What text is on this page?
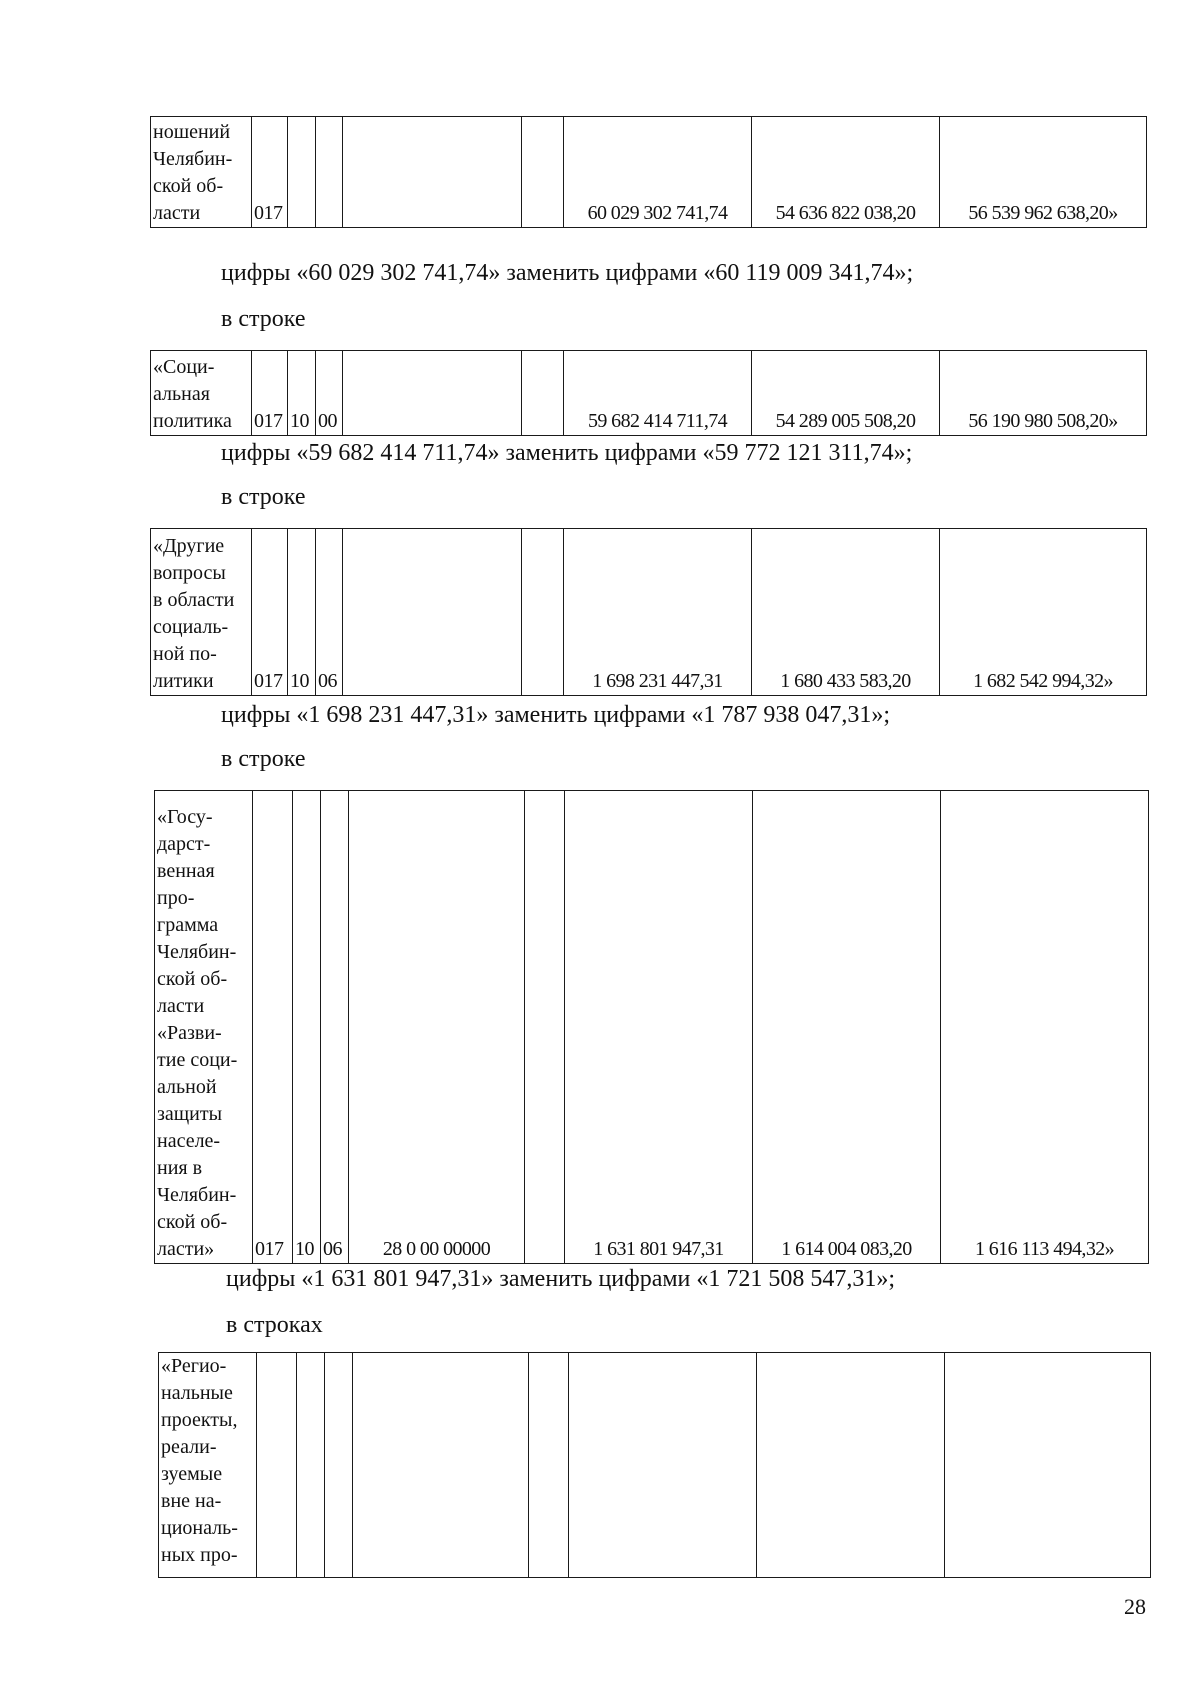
ношений
Челябин-
ской об-
ласти	017					60 029 302 741,74	54 636 822 038,20	56 539 962 638,20»
цифры «60 029 302 741,74» заменить цифрами «60 119 009 341,74»;
в строке
«Соци-
альная
политика	017	10	00			59 682 414 711,74	54 289 005 508,20	56 190 980 508,20»
цифры «59 682 414 711,74» заменить цифрами «59 772 121 311,74»;
в строке
«Другие
вопросы
в области
социаль-
ной по-
литики	017	10	06			1 698 231 447,31	1 680 433 583,20	1 682 542 994,32»
цифры «1 698 231 447,31» заменить цифрами «1 787 938 047,31»;
в строке
«Госу-
дарст-
венная
про-
грамма
Челябин-
ской об-
ласти
«Разви-
тие соци-
альной
защиты
населе-
ния в
Челябин-
ской об-
ласти»	017	10	06	28 0 00 00000		1 631 801 947,31	1 614 004 083,20	1 616 113 494,32»
цифры «1 631 801 947,31» заменить цифрами «1 721 508 547,31»;
в строках
«Регио-
нальные
проекты,
реали-
зуемые
вне на-
циональ-
ных про-

28
